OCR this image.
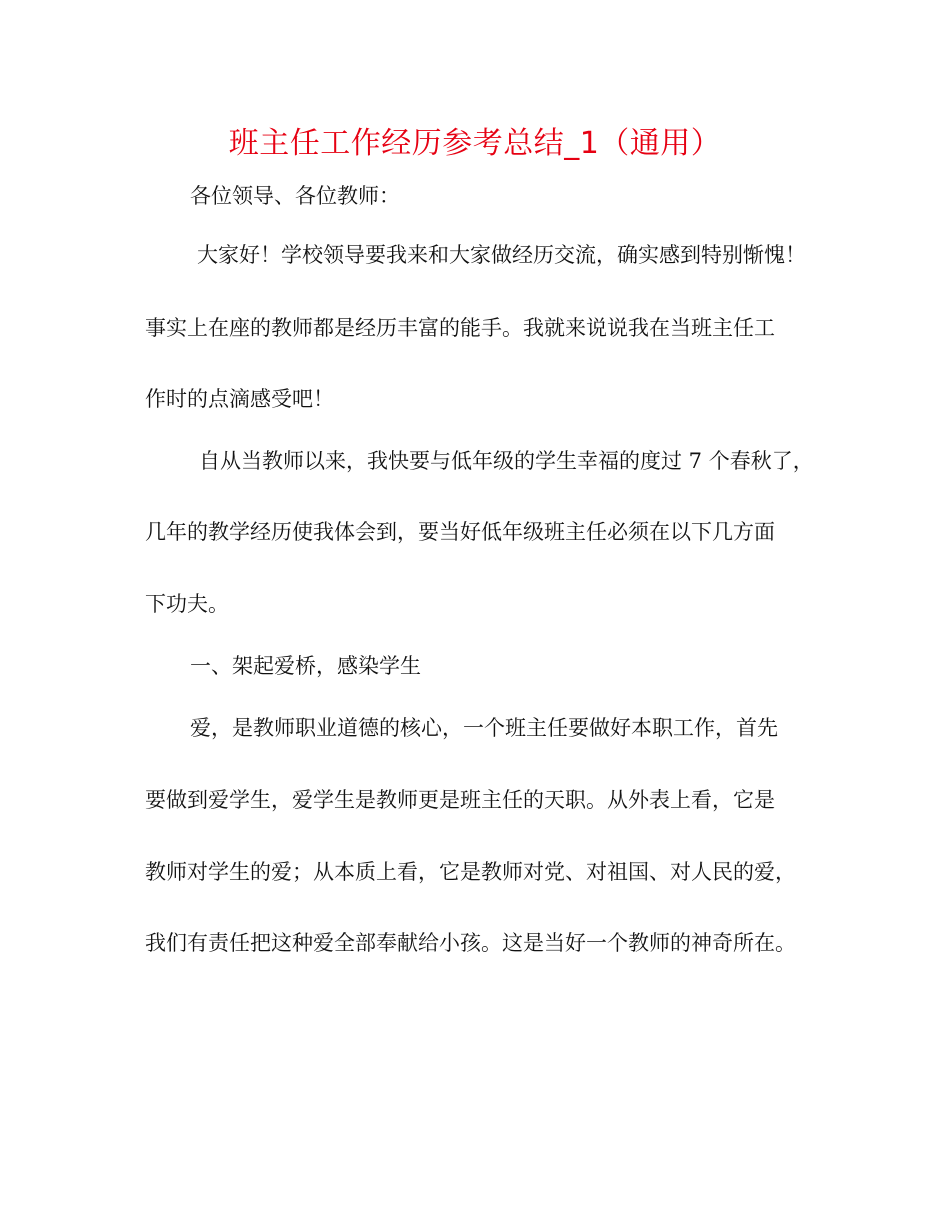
班主任工作经历参考总结_1（通用）
各位领导、各位教师：
大家好！学校领导要我来和大家做经历交流，确实感到特别惭愧！
事实上在座的教师都是经历丰富的能手。我就来说说我在当班主任工
作时的点滴感受吧！
自从当教师以来，我快要与低年级的学生幸福的度过 7 个春秋了，
几年的教学经历使我体会到，要当好低年级班主任必须在以下几方面
下功夫。
一、架起爱桥，感染学生
爱，是教师职业道德的核心，一个班主任要做好本职工作，首先
要做到爱学生，爱学生是教师更是班主任的天职。从外表上看，它是
教师对学生的爱；从本质上看，它是教师对党、对祖国、对人民的爱，
我们有责任把这种爱全部奉献给小孩。这是当好一个教师的神奇所在。
